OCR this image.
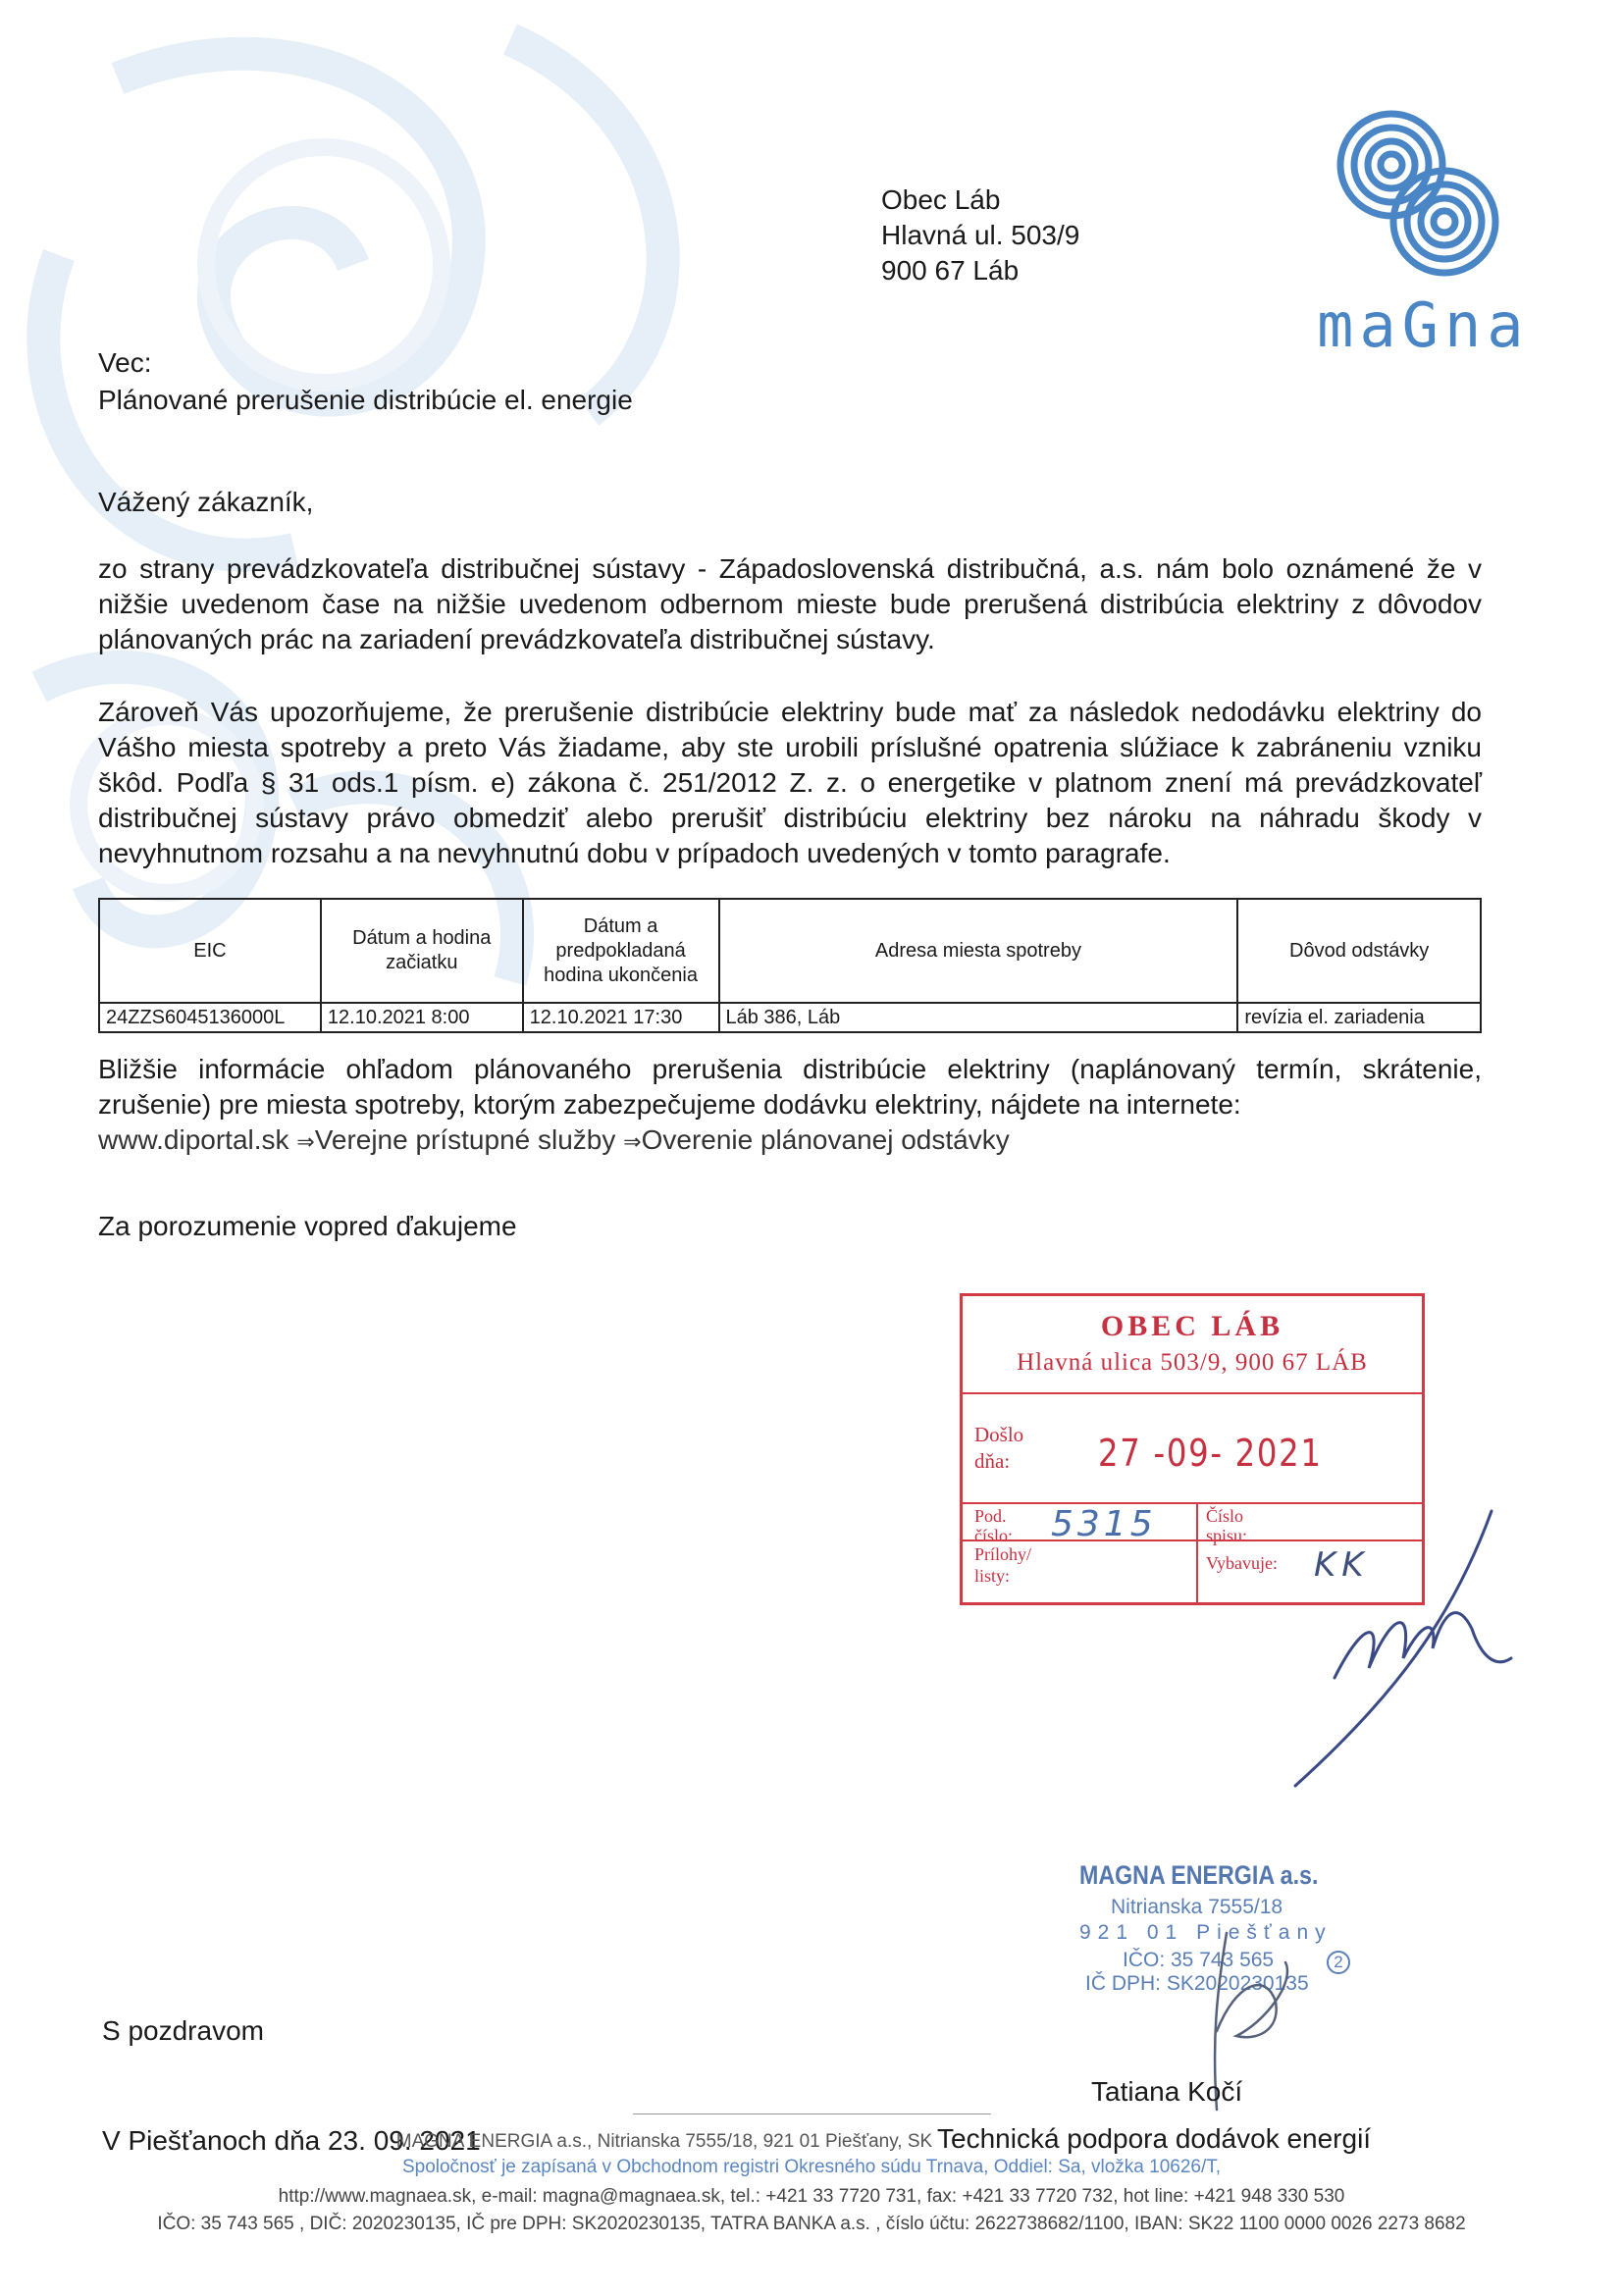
maGna
Obec Láb
Hlavná ul. 503/9
900 67 Láb
Vec:
Plánované prerušenie distribúcie el. energie
Vážený zákazník,
zo strany prevádzkovateľa distribučnej sústavy - Západoslovenská distribučná, a.s. nám bolo oznámené že v nižšie uvedenom čase na nižšie uvedenom odbernom mieste bude prerušená distribúcia elektriny z dôvodov plánovaných prác na zariadení prevádzkovateľa distribučnej sústavy.
Zároveň Vás upozorňujeme, že prerušenie distribúcie elektriny bude mať za následok nedodávku elektriny do Vášho miesta spotreby a preto Vás žiadame, aby ste urobili príslušné opatrenia slúžiace k zabráneniu vzniku škôd. Podľa § 31 ods.1 písm. e) zákona č. 251/2012 Z. z. o energetike v platnom znení má prevádzkovateľ distribučnej sústavy právo obmedziť alebo prerušiť distribúciu elektriny bez nároku na náhradu škody v nevyhnutnom rozsahu a na nevyhnutnú dobu v prípadoch uvedených v tomto paragrafe.
EIC	Dátum a hodina začiatku	Dátum a predpokladaná hodina ukončenia	Adresa miesta spotreby	Dôvod odstávky
24ZZS6045136000L	12.10.2021 8:00	12.10.2021 17:30	Láb 386, Láb	revízia el. zariadenia
Bližšie informácie ohľadom plánovaného prerušenia distribúcie elektriny (naplánovaný termín, skrátenie, zrušenie) pre miesta spotreby, ktorým zabezpečujeme dodávku elektriny, nájdete na internete:
www.diportal.sk ⇒Verejne prístupné služby ⇒Overenie plánovanej odstávky
Za porozumenie vopred ďakujeme
OBEC LÁB
Hlavná ulica 503/9, 900 67 LÁB
Došlo
dňa:	27 -09- 2021
Pod.
číslo: 5315	Číslo
spisu:
Prílohy/
listy:
Vybavuje: KK
MAGNA ENERGIA a.s.
Nitrianska 7555/18
921 01 Piešťany
IČO: 35 743 565	2
IČ DPH: SK2020230135
S pozdravom
Tatiana Kočí
V Piešťanoch dňa 23. 09. 2021	Technická podpora dodávok energií
MAGNA ENERGIA a.s., Nitrianska 7555/18, 921 01 Piešťany, SK
Spoločnosť je zapísaná v Obchodnom registri Okresného súdu Trnava, Oddiel: Sa, vložka 10626/T,
http://www.magnaea.sk, e-mail: magna@magnaea.sk, tel.: +421 33 7720 731, fax: +421 33 7720 732, hot line: +421 948 330 530
IČO: 35 743 565 , DIČ: 2020230135, IČ pre DPH: SK2020230135, TATRA BANKA a.s. , číslo účtu: 2622738682/1100, IBAN: SK22 1100 0000 0026 2273 8682
